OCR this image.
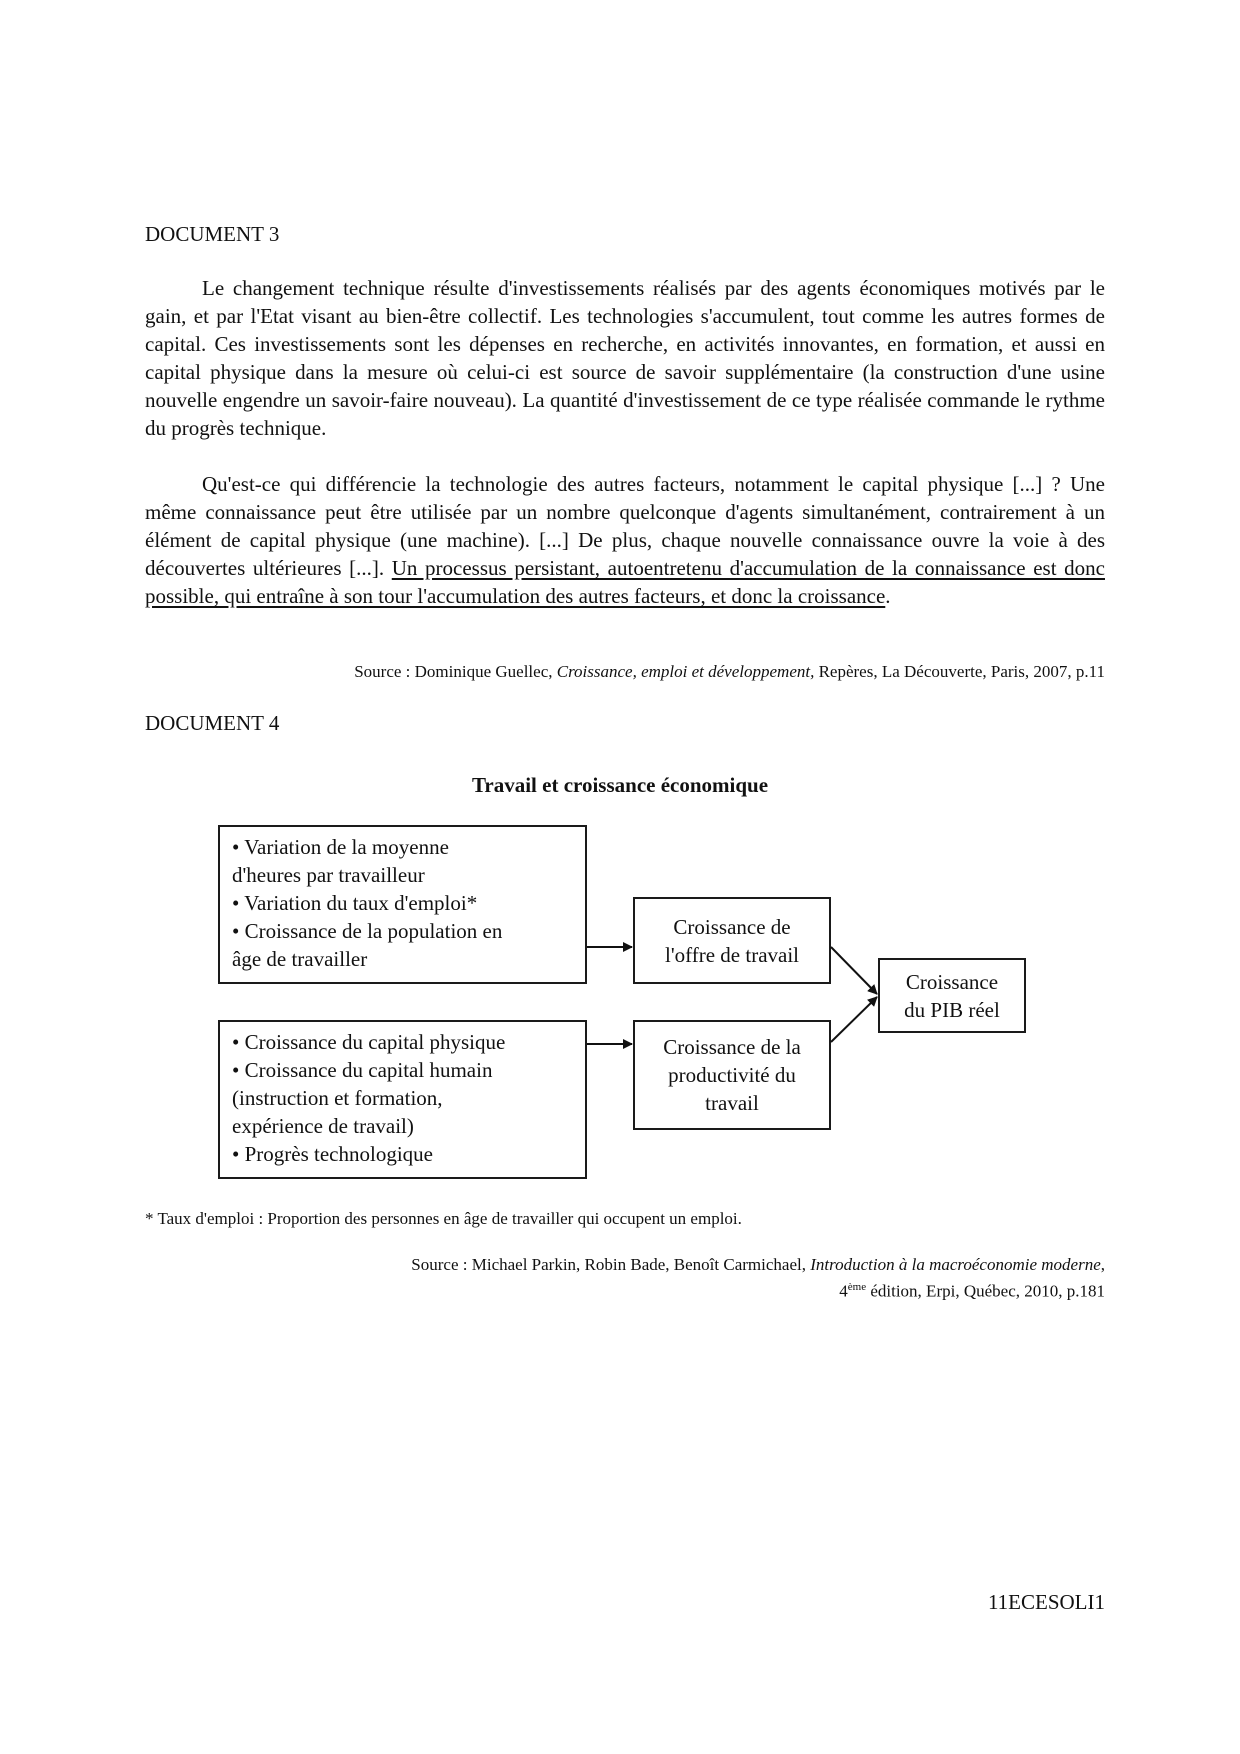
DOCUMENT 3

Le changement technique résulte d'investissements réalisés par des agents économiques motivés par le gain, et par l'Etat visant au bien-être collectif. Les technologies s'accumulent, tout comme les autres formes de capital. Ces investissements sont les dépenses en recherche, en activités innovantes, en formation, et aussi en capital physique dans la mesure où celui-ci est source de savoir supplémentaire (la construction d'une usine nouvelle engendre un savoir-faire nouveau). La quantité d'investissement de ce type réalisée commande le rythme du progrès technique.

Qu'est-ce qui différencie la technologie des autres facteurs, notamment le capital physique [...] ? Une même connaissance peut être utilisée par un nombre quelconque d'agents simultanément, contrairement à un élément de capital physique (une machine). [...] De plus, chaque nouvelle connaissance ouvre la voie à des découvertes ultérieures [...]. Un processus persistant, autoentretenu d'accumulation de la connaissance est donc possible, qui entraîne à son tour l'accumulation des autres facteurs, et donc la croissance.

Source : Dominique Guellec, Croissance, emploi et développement, Repères, La Découverte, Paris, 2007, p.11
DOCUMENT 4
Travail et croissance économique
• Variation de la moyenne
d'heures par travailleur
• Variation du taux d'emploi*
• Croissance de la population en
âge de travailler
• Croissance du capital physique
• Croissance du capital humain
(instruction et formation,
expérience de travail)
• Progrès technologique
Croissance de
l'offre de travail
Croissance de la
productivité du
travail
Croissance
du PIB réel
* Taux d'emploi : Proportion des personnes en âge de travailler qui occupent un emploi.
Source : Michael Parkin, Robin Bade, Benoît Carmichael, Introduction à la macroéconomie moderne,
4ème édition, Erpi, Québec, 2010, p.181
11ECESOLI1
